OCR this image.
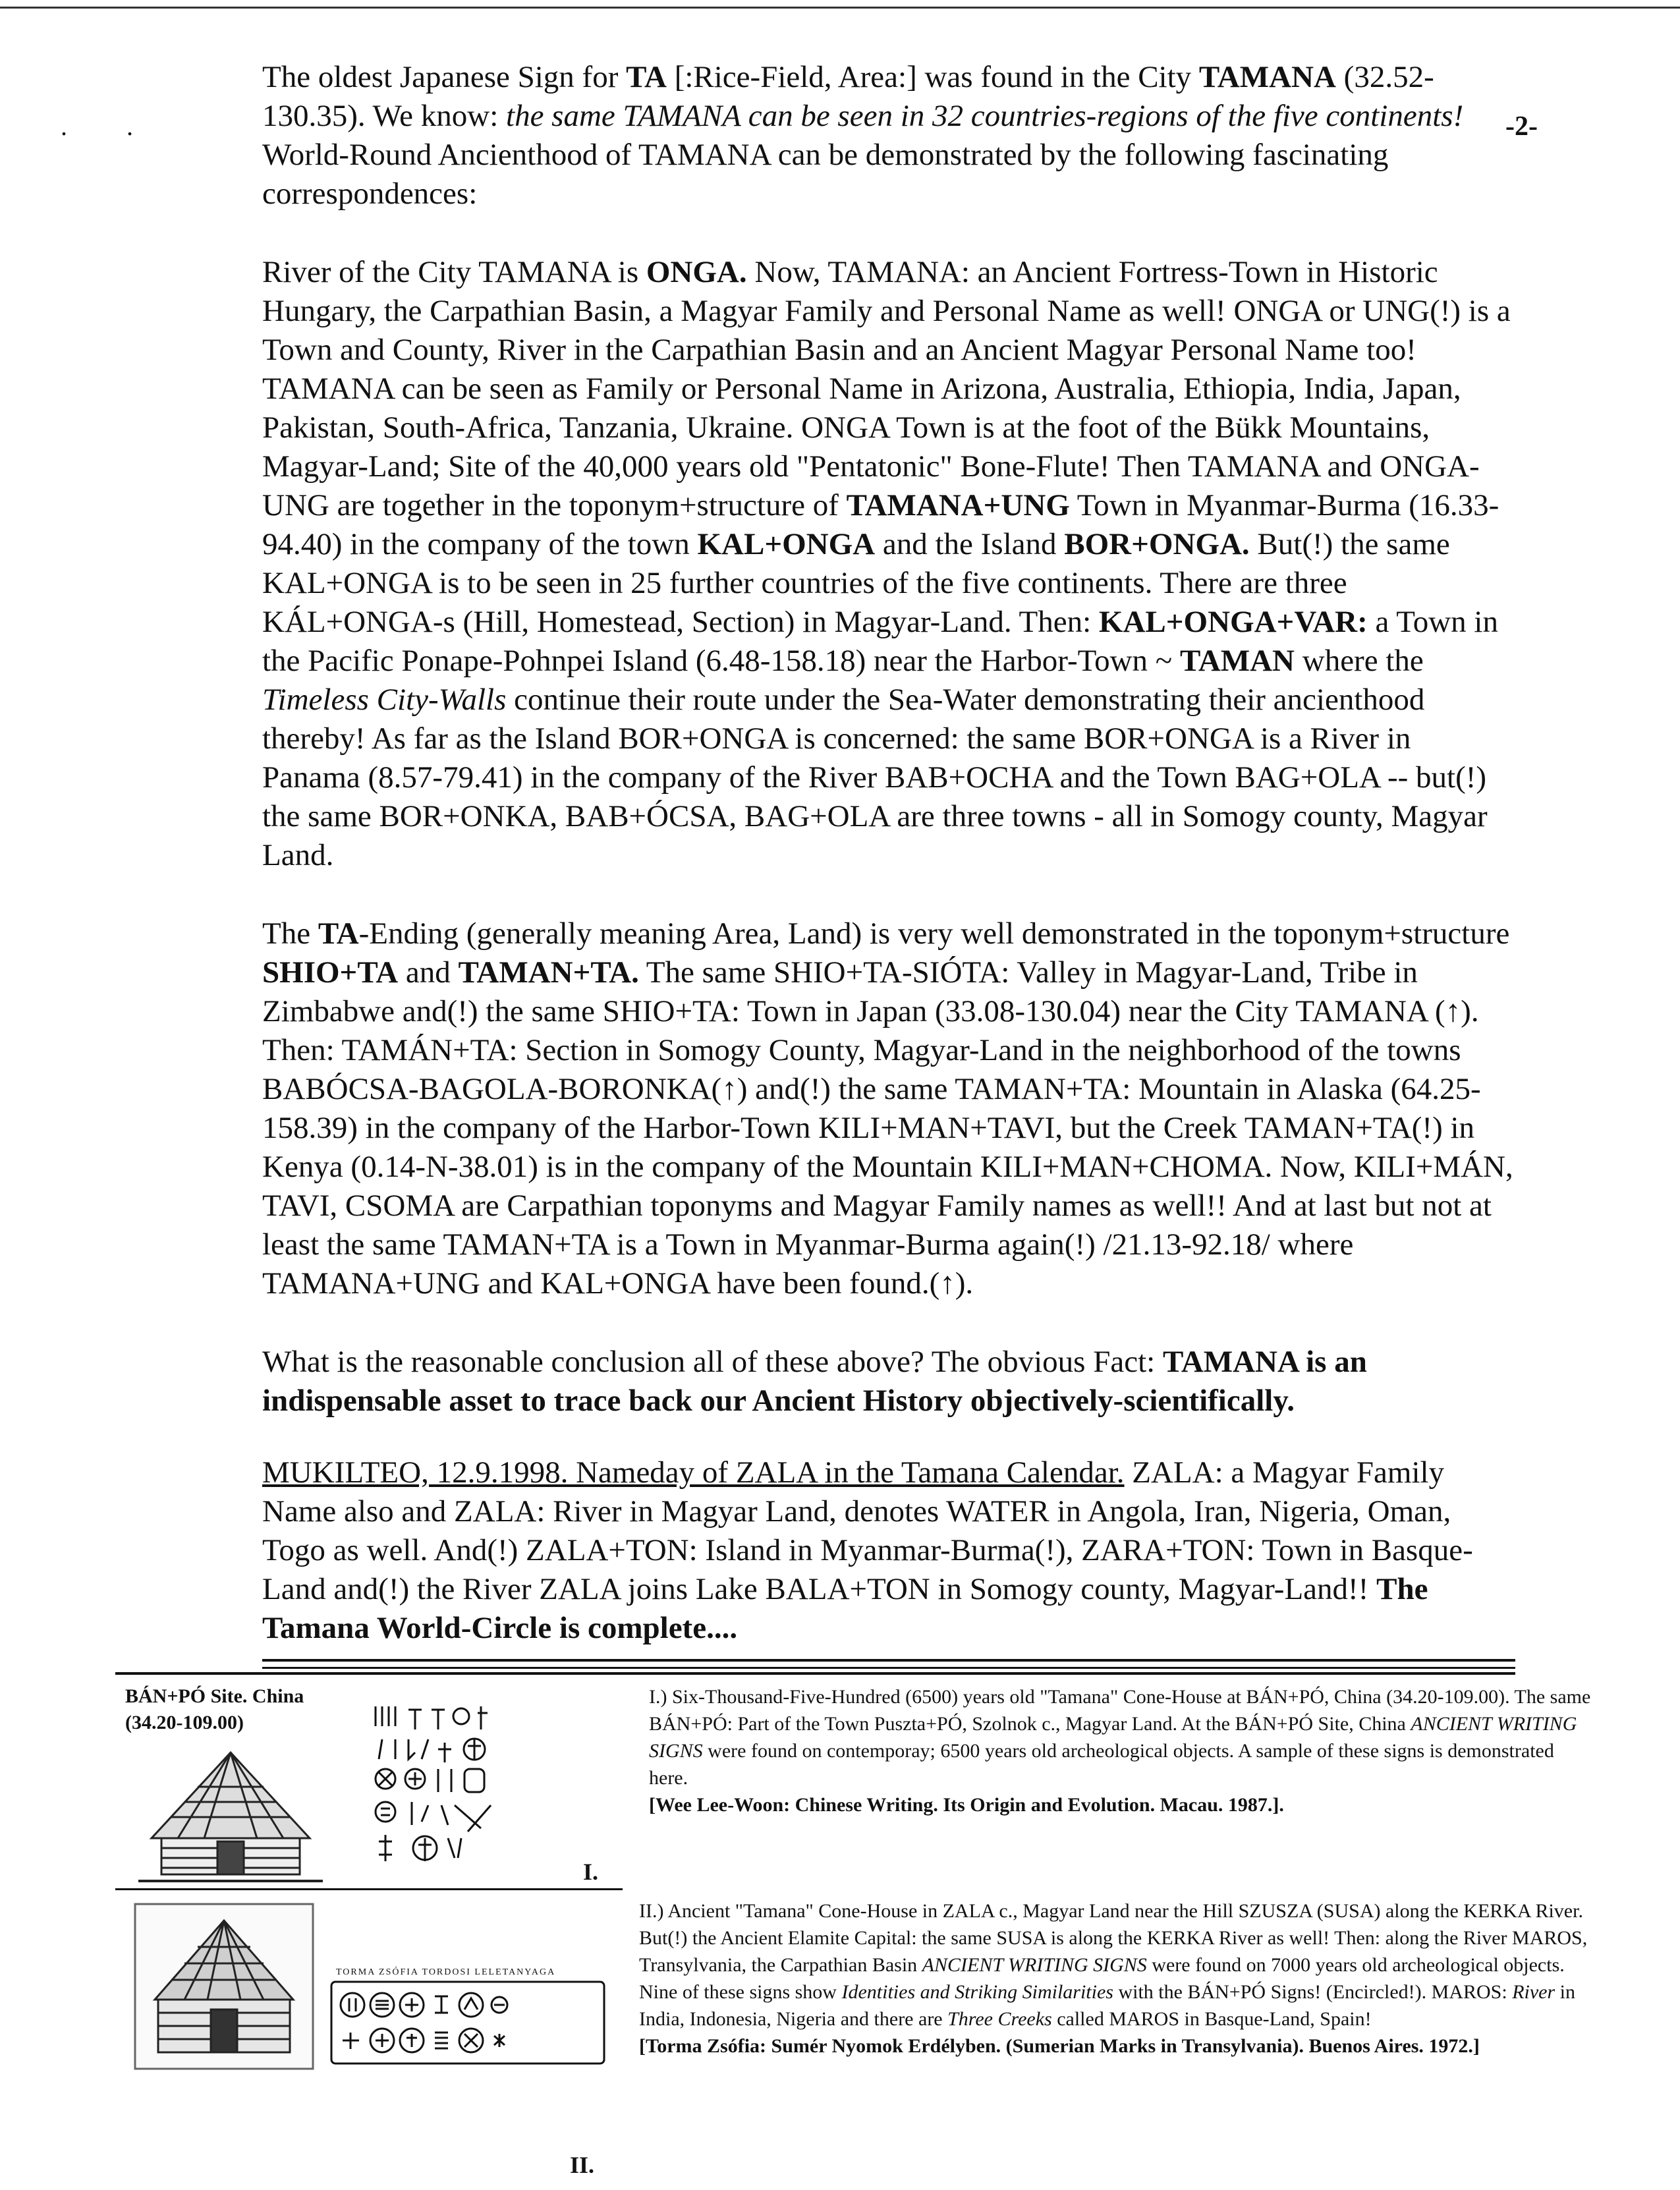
. .	-2-

The oldest Japanese Sign for TA [:Rice-Field, Area:] was found in the City TAMANA (32.52-130.35). We know: the same TAMANA can be seen in 32 countries-regions of the five continents! World-Round Ancienthood of TAMANA can be demonstrated by the following fascinating correspondences:

River of the City TAMANA is ONGA. Now, TAMANA: an Ancient Fortress-Town in Historic Hungary, the Carpathian Basin, a Magyar Family and Personal Name as well! ONGA or UNG(!) is a Town and County, River in the Carpathian Basin and an Ancient Magyar Personal Name too! TAMANA can be seen as Family or Personal Name in Arizona, Australia, Ethiopia, India, Japan, Pakistan, South-Africa, Tanzania, Ukraine. ONGA Town is at the foot of the Bükk Mountains, Magyar-Land; Site of the 40,000 years old "Pentatonic" Bone-Flute! Then TAMANA and ONGA-UNG are together in the toponym+structure of TAMANA+UNG Town in Myanmar-Burma (16.33-94.40) in the company of the town KAL+ONGA and the Island BOR+ONGA. But(!) the same KAL+ONGA is to be seen in 25 further countries of the five continents. There are three KÁL+ONGA-s (Hill, Homestead, Section) in Magyar-Land. Then: KAL+ONGA+VAR: a Town in the Pacific Ponape-Pohnpei Island (6.48-158.18) near the Harbor-Town ~ TAMAN where the Timeless City-Walls continue their route under the Sea-Water demonstrating their ancienthood thereby! As far as the Island BOR+ONGA is concerned: the same BOR+ONGA is a River in Panama (8.57-79.41) in the company of the River BAB+OCHA and the Town BAG+OLA -- but(!) the same BOR+ONKA, BAB+ÓCSA, BAG+OLA are three towns - all in Somogy county, Magyar Land.

The TA-Ending (generally meaning Area, Land) is very well demonstrated in the toponym+structure SHIO+TA and TAMAN+TA. The same SHIO+TA-SIÓTA: Valley in Magyar-Land, Tribe in Zimbabwe and(!) the same SHIO+TA: Town in Japan (33.08-130.04) near the City TAMANA (↑). Then: TAMÁN+TA: Section in Somogy County, Magyar-Land in the neighborhood of the towns BABÓCSA-BAGOLA-BORONKA(↑) and(!) the same TAMAN+TA: Mountain in Alaska (64.25-158.39) in the company of the Harbor-Town KILI+MAN+TAVI, but the Creek TAMAN+TA(!) in Kenya (0.14-N-38.01) is in the company of the Mountain KILI+MAN+CHOMA. Now, KILI+MÁN, TAVI, CSOMA are Carpathian toponyms and Magyar Family names as well!! And at last but not at least the same TAMAN+TA is a Town in Myanmar-Burma again(!) /21.13-92.18/ where TAMANA+UNG and KAL+ONGA have been found.(↑).

What is the reasonable conclusion all of these above? The obvious Fact: TAMANA is an indispensable asset to trace back our Ancient History objectively-scientifically.

MUKILTEO, 12.9.1998. Nameday of ZALA in the Tamana Calendar. ZALA: a Magyar Family Name also and ZALA: River in Magyar Land, denotes WATER in Angola, Iran, Nigeria, Oman, Togo as well. And(!) ZALA+TON: Island in Myanmar-Burma(!), ZARA+TON: Town in Basque-Land and(!) the River ZALA joins Lake BALA+TON in Somogy county, Magyar-Land!! The Tamana World-Circle is complete....

BÁN+PÓ Site. China
(34.20-109.00)
I.
TORMA ZSÓFIA TORDOSI LELETANYAGA
II.
I.) Six-Thousand-Five-Hundred (6500) years old "Tamana" Cone-House at BÁN+PÓ, China (34.20-109.00). The same BÁN+PÓ: Part of the Town Puszta+PÓ, Szolnok c., Magyar Land. At the BÁN+PÓ Site, China ANCIENT WRITING SIGNS were found on contemporay; 6500 years old archeological objects. A sample of these signs is demonstrated here.
[Wee Lee-Woon: Chinese Writing. Its Origin and Evolution. Macau. 1987.].
II.) Ancient "Tamana" Cone-House in ZALA c., Magyar Land near the Hill SZUSZA (SUSA) along the KERKA River. But(!) the Ancient Elamite Capital: the same SUSA is along the KERKA River as well! Then: along the River MAROS, Transylvania, the Carpathian Basin ANCIENT WRITING SIGNS were found on 7000 years old archeological objects. Nine of these signs show Identities and Striking Similarities with the BÁN+PÓ Signs! (Encircled!). MAROS: River in India, Indonesia, Nigeria and there are Three Creeks called MAROS in Basque-Land, Spain!
[Torma Zsófia: Sumér Nyomok Erdélyben. (Sumerian Marks in Transylvania). Buenos Aires. 1972.]
